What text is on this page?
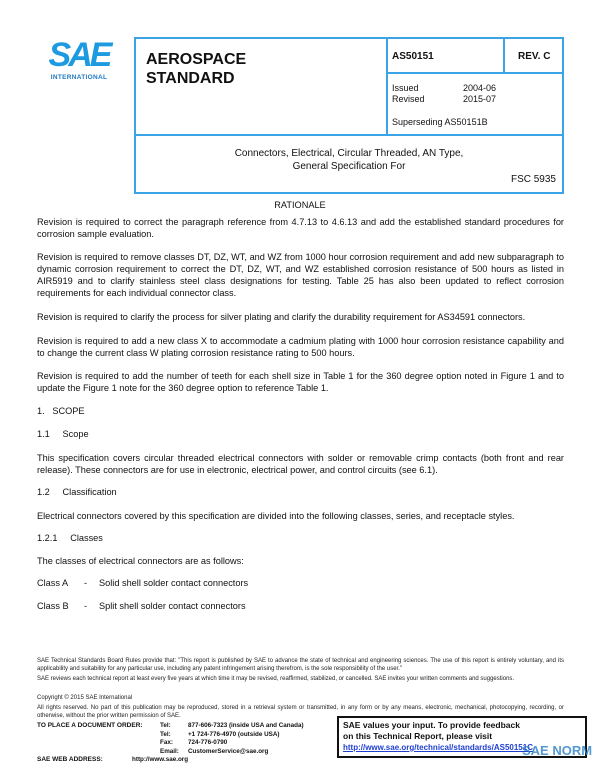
SAE
INTERNATIONAL
AEROSPACE
STANDARD
AS50151	REV. C
Issued	2004-06
Revised	2015-07
Superseding AS50151B
Connectors, Electrical, Circular Threaded, AN Type,
General Specification For
FSC 5935
RATIONALE
Revision is required to correct the paragraph reference from 4.7.13 to 4.6.13 and add the established standard procedures for corrosion sample evaluation.
Revision is required to remove classes DT, DZ, WT, and WZ from 1000 hour corrosion requirement and add new subparagraph to dynamic corrosion requirement to correct the DT, DZ, WT, and WZ established corrosion resistance of 500 hours as listed in AIR5919 and to clarify stainless steel class designations for testing. Table 25 has also been updated to reflect corrosion requirements for each individual connector class.
Revision is required to clarify the process for silver plating and clarify the durability requirement for AS34591 connectors.
Revision is required to add a new class X to accommodate a cadmium plating with 1000 hour corrosion resistance capability and to change the current class W plating corrosion resistance rating to 500 hours.
Revision is required to add the number of teeth for each shell size in Table 1 for the 360 degree option noted in Figure 1 and to update the Figure 1 note for the 360 degree option to reference Table 1.
1.   SCOPE
1.1     Scope
This specification covers circular threaded electrical connectors with solder or removable crimp contacts (both front and rear release). These connectors are for use in electronic, electrical power, and control circuits (see 6.1).
1.2     Classification
Electrical connectors covered by this specification are divided into the following classes, series, and receptacle styles.
1.2.1     Classes
The classes of electrical connectors are as follows:
Class A - Solid shell solder contact connectors
Class B - Split shell solder contact connectors
SAE Technical Standards Board Rules provide that: "This report is published by SAE to advance the state of technical and engineering sciences. The use of this report is entirely voluntary, and its applicability and suitability for any particular use, including any patent infringement arising therefrom, is the sole responsibility of the user."
SAE reviews each technical report at least every five years at which time it may be revised, reaffirmed, stabilized, or cancelled. SAE invites your written comments and suggestions.
Copyright © 2015 SAE International
All rights reserved. No part of this publication may be reproduced, stored in a retrieval system or transmitted, in any form or by any means, electronic, mechanical, photocopying, recording, or otherwise, without the prior written permission of SAE.
TO PLACE A DOCUMENT ORDER:
SAE WEB ADDRESS:
Tel:	877-606-7323 (inside USA and Canada)
Tel:	+1 724-776-4970 (outside USA)
Fax: 724-776-0790
Email: CustomerService@sae.org
http://www.sae.org
SAE values your input. To provide feedback
on this Technical Report, please visit
http://www.sae.org/technical/standards/AS50151C
SAE NORM
